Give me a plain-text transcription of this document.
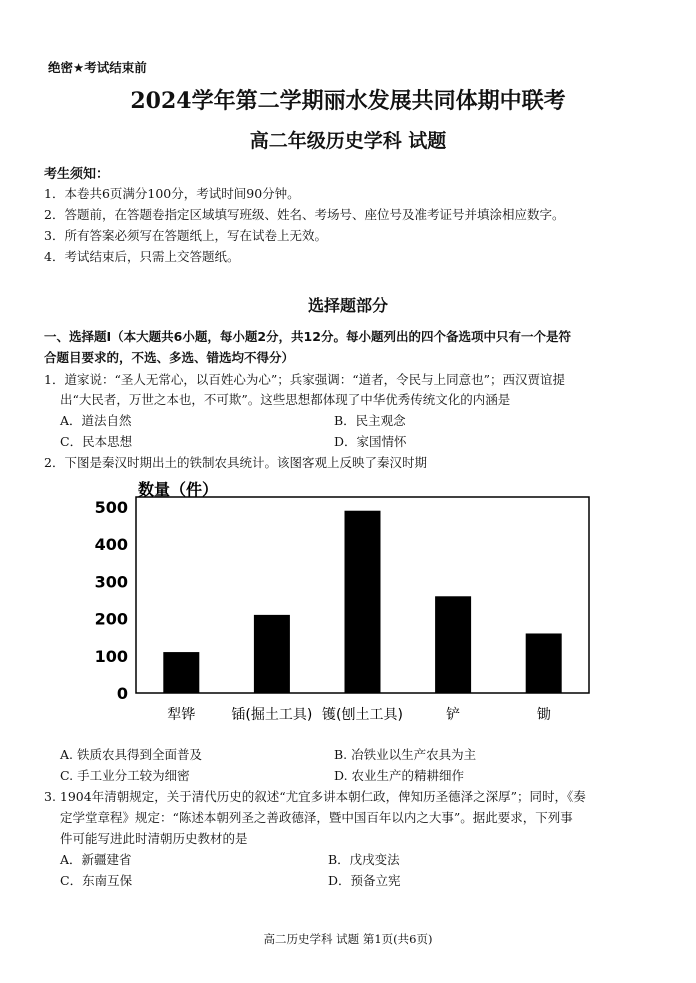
绝密★考试结束前
2024学年第二学期丽水发展共同体期中联考
高二年级历史学科 试题
考生须知：
1．本卷共6页满分100分，考试时间90分钟。
2．答题前，在答题卷指定区域填写班级、姓名、考场号、座位号及准考证号并填涂相应数字。
3．所有答案必须写在答题纸上，写在试卷上无效。
4．考试结束后，只需上交答题纸。
选择题部分
一、选择题Ⅰ（本大题共6小题，每小题2分，共12分。每小题列出的四个备选项中只有一个是符
合题目要求的，不选、多选、错选均不得分）
1．道家说：“圣人无常心，以百姓心为心”；兵家强调：“道者，令民与上同意也”；西汉贾谊提
出“大民者，万世之本也，不可欺”。这些思想都体现了中华优秀传统文化的内涵是
A．道法自然	B．民主观念
C．民本思想	D．家国情怀
2．下图是秦汉时期出土的铁制农具统计。该图客观上反映了秦汉时期
数量（件）
0
100
200
300
400
500
犁铧	锸(掘土工具) 镬(刨土工具)	铲	锄
A. 铁质农具得到全面普及	B. 冶铁业以生产农具为主
C. 手工业分工较为细密	D. 农业生产的精耕细作
3. 1904年清朝规定，关于清代历史的叙述“尤宜多讲本朝仁政，俾知历圣德泽之深厚”；同时，《奏
定学堂章程》规定：“陈述本朝列圣之善政德泽，暨中国百年以内之大事”。据此要求，下列事
件可能写进此时清朝历史教材的是
A．新疆建省	B．戊戌变法
C．东南互保	D．预备立宪
高二历史学科 试题 第1页(共6页)
